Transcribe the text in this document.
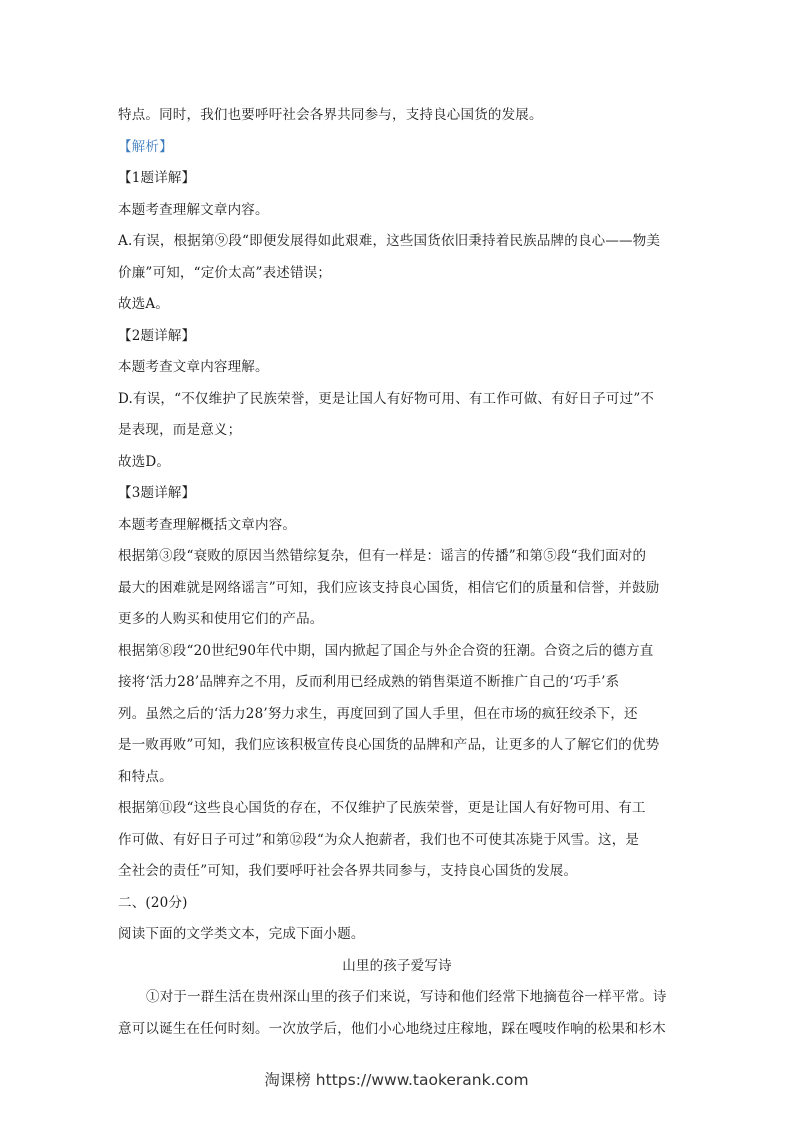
特点。同时，我们也要呼吁社会各界共同参与，支持良心国货的发展。
【解析】
【1题详解】
本题考查理解文章内容。
A.有误，根据第⑨段“即便发展得如此艰难，这些国货依旧秉持着民族品牌的良心——物美
价廉”可知，“定价太高”表述错误；
故选A。
【2题详解】
本题考查文章内容理解。
D.有误，“不仅维护了民族荣誉，更是让国人有好物可用、有工作可做、有好日子可过”不
是表现，而是意义；
故选D。
【3题详解】
本题考查理解概括文章内容。
根据第③段“衰败的原因当然错综复杂，但有一样是：谣言的传播”和第⑤段“我们面对的
最大的困难就是网络谣言”可知，我们应该支持良心国货，相信它们的质量和信誉，并鼓励
更多的人购买和使用它们的产品。
根据第⑧段“20世纪90年代中期，国内掀起了国企与外企合资的狂潮。合资之后的德方直
接将‘活力28’品牌弃之不用，反而利用已经成熟的销售渠道不断推广自己的‘巧手’系
列。虽然之后的‘活力28’努力求生，再度回到了国人手里，但在市场的疯狂绞杀下，还
是一败再败”可知，我们应该积极宣传良心国货的品牌和产品，让更多的人了解它们的优势
和特点。
根据第⑪段“这些良心国货的存在，不仅维护了民族荣誉，更是让国人有好物可用、有工
作可做、有好日子可过”和第⑫段“为众人抱薪者，我们也不可使其冻毙于风雪。这，是
全社会的责任”可知，我们要呼吁社会各界共同参与，支持良心国货的发展。
二、(20分)
阅读下面的文学类文本，完成下面小题。
山里的孩子爱写诗
①对于一群生活在贵州深山里的孩子们来说，写诗和他们经常下地摘苞谷一样平常。诗
意可以诞生在任何时刻。一次放学后，他们小心地绕过庄稼地，踩在嘎吱作响的松果和杉木
淘课榜 https://www.taokerank.com
